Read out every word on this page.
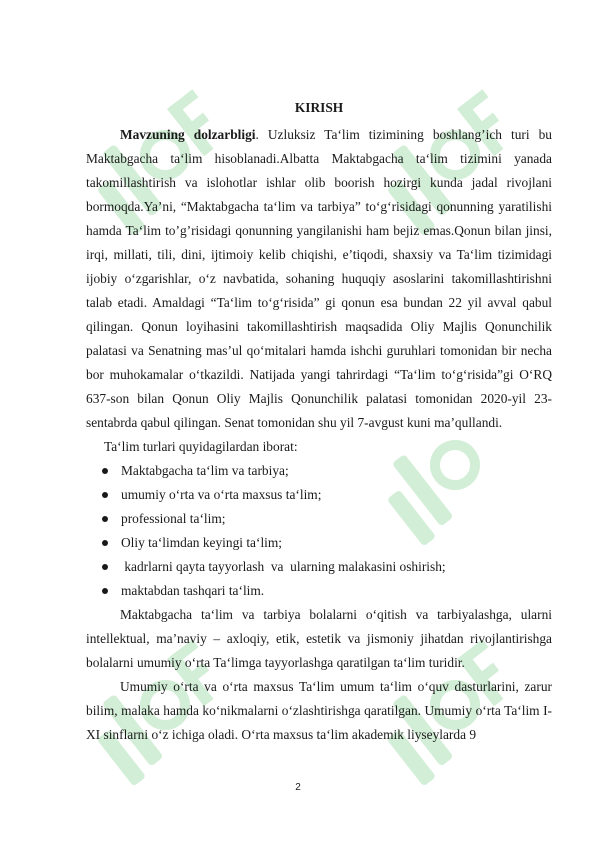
KIRISH

Mavzuning dolzarbligi. Uzluksiz Ta‘lim tizimining boshlang’ich turi bu Maktabgacha ta‘lim hisoblanadi.Albatta Maktabgacha ta‘lim tizimini yanada takomillashtirish va islohotlar ishlar olib boorish hozirgi kunda jadal rivojlani bormoqda.Ya’ni, “Maktabgacha ta‘lim va tarbiya” to‘g‘risidagi qonunning yaratilishi hamda Ta‘lim to’g’risidagi qonunning yangilanishi ham bejiz emas.Qonun bilan jinsi, irqi, millati, tili, dini, ijtimoiy kelib chiqishi, e’tiqodi, shaxsiy va Ta‘lim tizimidagi ijobiy o‘zgarishlar, o‘z navbatida, sohaning huquqiy asoslarini takomillashtirishni talab etadi. Amaldagi “Ta‘lim to‘g‘risida” gi qonun esa bundan 22 yil avval qabul qilingan. Qonun loyihasini takomillashtirish maqsadida Oliy Majlis Qonunchilik palatasi va Senatning mas’ul qo‘mitalari hamda ishchi guruhlari tomonidan bir necha bor muhokamalar o‘tkazildi. Natijada yangi tahrirdagi “Ta‘lim to‘g‘risida”gi O‘RQ 637-son bilan Qonun Oliy Majlis Qonunchilik palatasi tomonidan 2020-yil 23-sentabrda qabul qilingan. Senat tomonidan shu yil 7-avgust kuni ma’qullandi.

Ta‘lim turlari quyidagilardan iborat:

Maktabgacha ta‘lim va tarbiya;
umumiy o‘rta va o‘rta maxsus ta‘lim;
professional ta‘lim;
Oliy ta‘limdan keyingi ta‘lim;
kadrlarni qayta tayyorlash  va  ularning malakasini oshirish;
maktabdan tashqari ta‘lim.

Maktabgacha ta‘lim va tarbiya bolalarni o‘qitish va tarbiyalashga, ularni intellektual, ma’naviy – axloqiy, etik, estetik va jismoniy jihatdan rivojlantirishga bolalarni umumiy o‘rta Ta‘limga tayyorlashga qaratilgan ta‘lim turidir.

Umumiy o‘rta va o‘rta maxsus Ta‘lim umum ta‘lim o‘quv dasturlarini, zarur bilim, malaka hamda ko‘nikmalarni o‘zlashtirishga qaratilgan. Umumiy o‘rta Ta‘lim I-XI sinflarni o‘z ichiga oladi. O‘rta maxsus ta‘lim akademik liyseylarda 9

2
